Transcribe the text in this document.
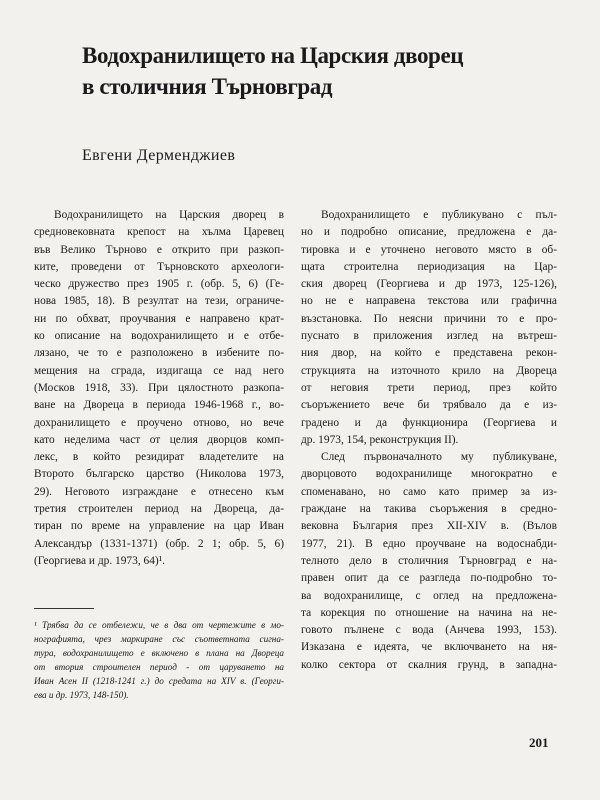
Водохранилището на Царския дворец
в столичния Търновград

Евгени Дерменджиев

Водохранилището на Царския дворец в
средновековната крепост на хълма Царевец
във Велико Търново е открито при разкоп-
ките, проведени от Търновското археологи-
ческо дружество през 1905 г. (обр. 5, 6) (Ге-
нова 1985, 18). В резултат на тези, ограниче-
ни по обхват, проучвания е направено крат-
ко описание на водохранилището и е отбе-
лязано, че то е разположено в избените по-
мещения на сграда, издигаща се над него
(Москов 1918, 33). При цялостното разкопа-
ване на Двореца в периода 1946-1968 г., во-
дохранилището е проучено отново, но вече
като неделима част от целия дворцов комп-
лекс, в който резидират владетелите на
Второто българско царство (Николова 1973,
29). Неговото изграждане е отнесено към
третия строителен период на Двореца, да-
тиран по време на управление на цар Иван
Александър (1331-1371) (обр. 2 1; обр. 5, 6)
(Георгиева и др. 1973, 64)¹.
Водохранилището е публикувано с пъл-
но и подробно описание, предложена е да-
тировка и е уточнено неговото място в об-
щата строителна периодизация на Цар-
ския дворец (Георгиева и др 1973, 125-126),
но не е направена текстова или графична
възстановка. По неясни причини то е про-
пуснато в приложения изглед на вътреш-
ния двор, на който е представена рекон-
струкцията на източното крило на Двореца
от неговия трети период, през който
съоръжението вече би трябвало да е из-
градено и да функционира (Георгиева и
др. 1973, 154, реконструкция II).
След първоначалното му публикуване,
дворцовото водохранилище многократно е
споменавано, но само като пример за из-
граждане на такива съоръжения в средно-
вековна България през XII-XIV в. (Вълов
1977, 21). В едно проучване на водоснабди-
телното дело в столичния Търновград е на-
правен опит да се разгледа по-подробно то-
ва водохранилище, с оглед на предложена-
та корекция по отношение на начина на не-
говото пълнене с вода (Анчева 1993, 153).
Изказана е идеята, че включването на ня-
колко сектора от скалния грунд, в западна-
¹ Трябва да се отбележи, че в два от чертежите в мо-
нографията, чрез маркиране със съответната сигна-
тура, водохранилището е включено в плана на Двореца
от втория строителен период - от царуването на
Иван Асен II (1218-1241 г.) до средата на XIV в. (Георги-
ева и др. 1973, 148-150).

201
